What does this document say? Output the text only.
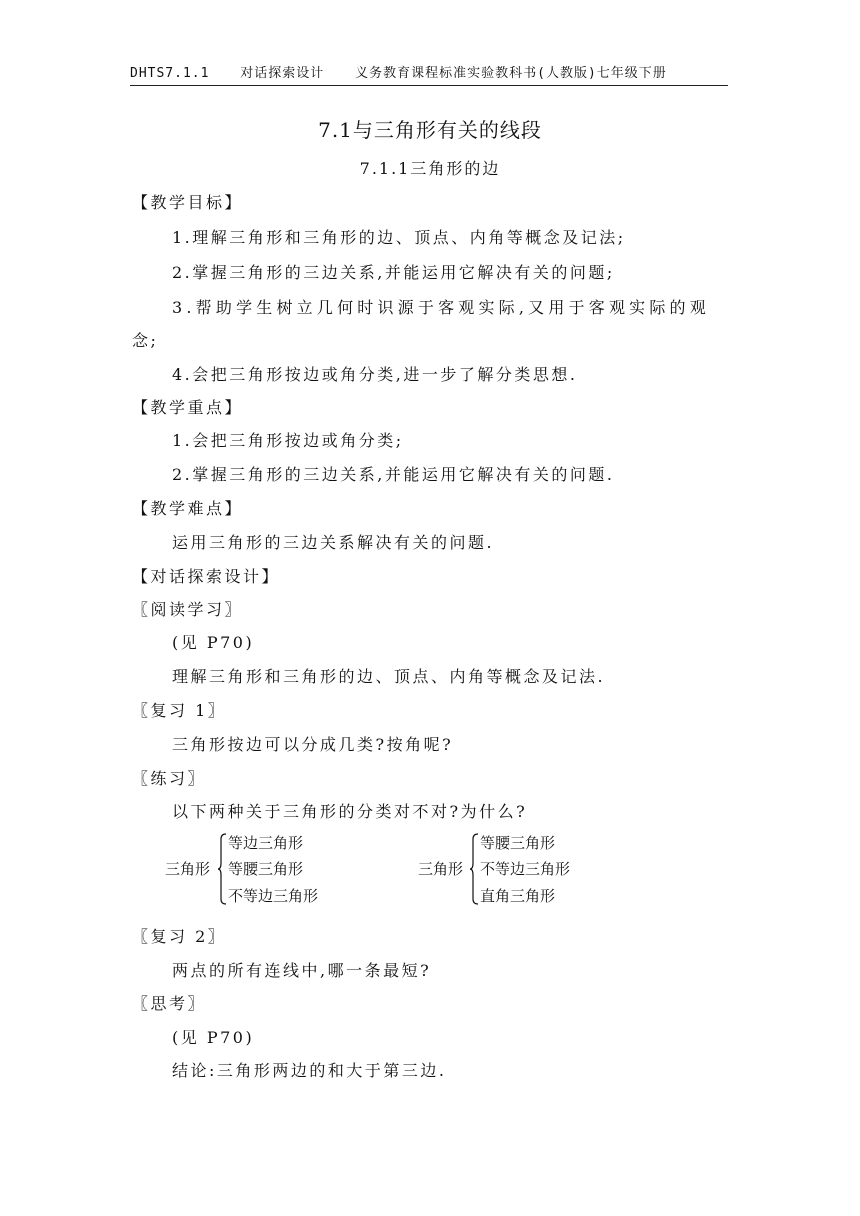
DHTS7.1.1 对话探索设计 义务教育课程标准实验教科书(人教版)七年级下册
7.1与三角形有关的线段
7.1.1三角形的边
【教学目标】
1.理解三角形和三角形的边、顶点、内角等概念及记法;
2.掌握三角形的三边关系,并能运用它解决有关的问题;
3.帮助学生树立几何时识源于客观实际,又用于客观实际的观
念;
4.会把三角形按边或角分类,进一步了解分类思想.
【教学重点】
1.会把三角形按边或角分类;
2.掌握三角形的三边关系,并能运用它解决有关的问题.
【教学难点】
运用三角形的三边关系解决有关的问题.
【对话探索设计】
〖阅读学习〗
(见 P70)
理解三角形和三角形的边、顶点、内角等概念及记法.
〖复习 1〗
三角形按边可以分成几类?按角呢?
〖练习〗
以下两种关于三角形的分类对不对?为什么?
三角形
等边三角形
等腰三角形
不等边三角形
三角形
等腰三角形
不等边三角形
直角三角形
〖复习 2〗
两点的所有连线中,哪一条最短?
〖思考〗
(见 P70)
结论:三角形两边的和大于第三边.
